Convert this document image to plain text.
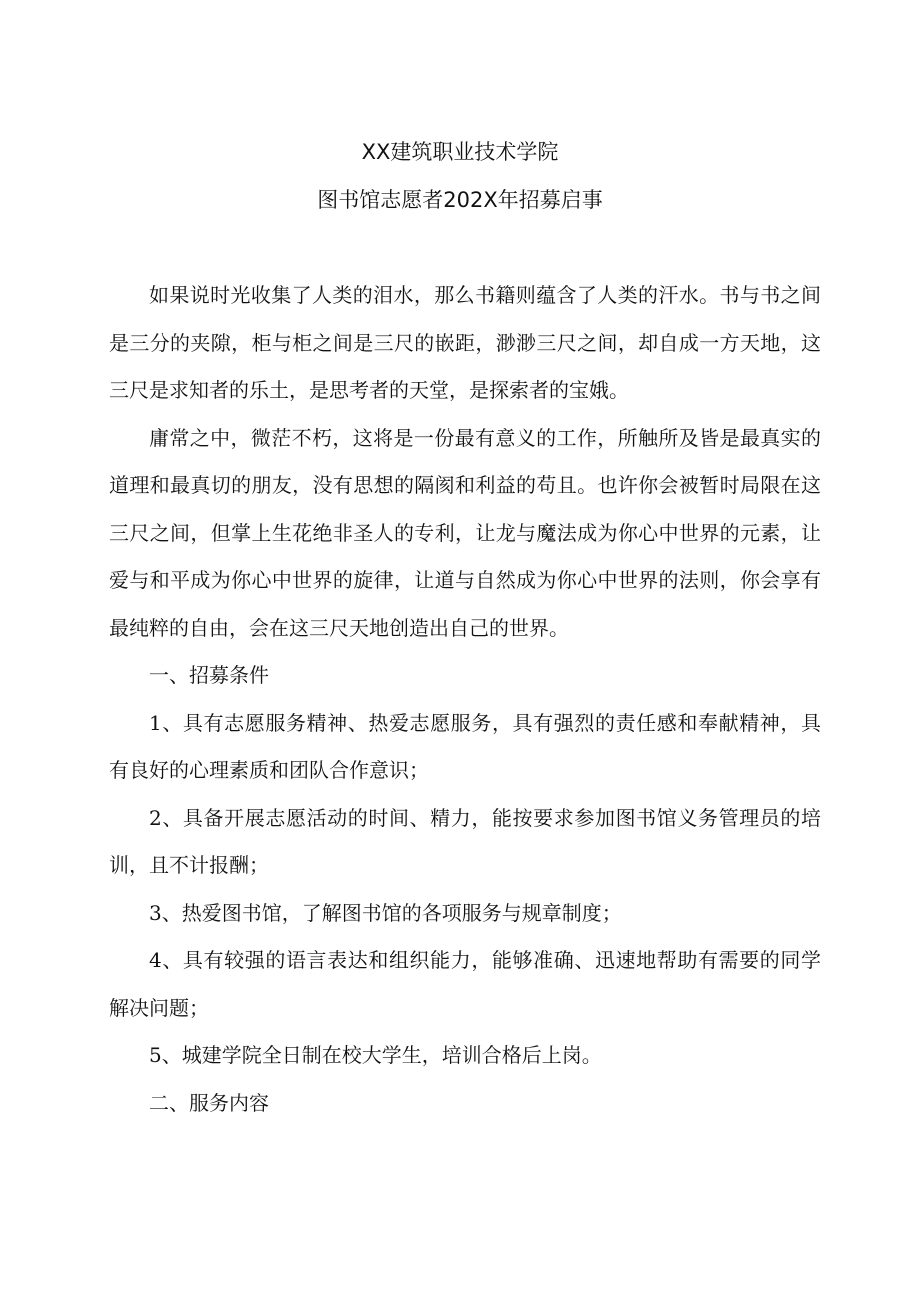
XX建筑职业技术学院
图书馆志愿者202X年招募启事

如果说时光收集了人类的泪水，那么书籍则蕴含了人类的汗水。书与书之间是三分的夹隙，柜与柜之间是三尺的嵌距，渺渺三尺之间，却自成一方天地，这三尺是求知者的乐土，是思考者的天堂，是探索者的宝娥。

庸常之中，微茫不朽，这将是一份最有意义的工作，所触所及皆是最真实的道理和最真切的朋友，没有思想的隔阂和利益的苟且。也许你会被暂时局限在这三尺之间，但掌上生花绝非圣人的专利，让龙与魔法成为你心中世界的元素，让爱与和平成为你心中世界的旋律，让道与自然成为你心中世界的法则，你会享有最纯粹的自由，会在这三尺天地创造出自己的世界。

一、招募条件

1、具有志愿服务精神、热爱志愿服务，具有强烈的责任感和奉献精神，具有良好的心理素质和团队合作意识；

2、具备开展志愿活动的时间、精力，能按要求参加图书馆义务管理员的培训，且不计报酬；

3、热爱图书馆，了解图书馆的各项服务与规章制度；

4、具有较强的语言表达和组织能力，能够准确、迅速地帮助有需要的同学解决问题；

5、城建学院全日制在校大学生，培训合格后上岗。

二、服务内容
